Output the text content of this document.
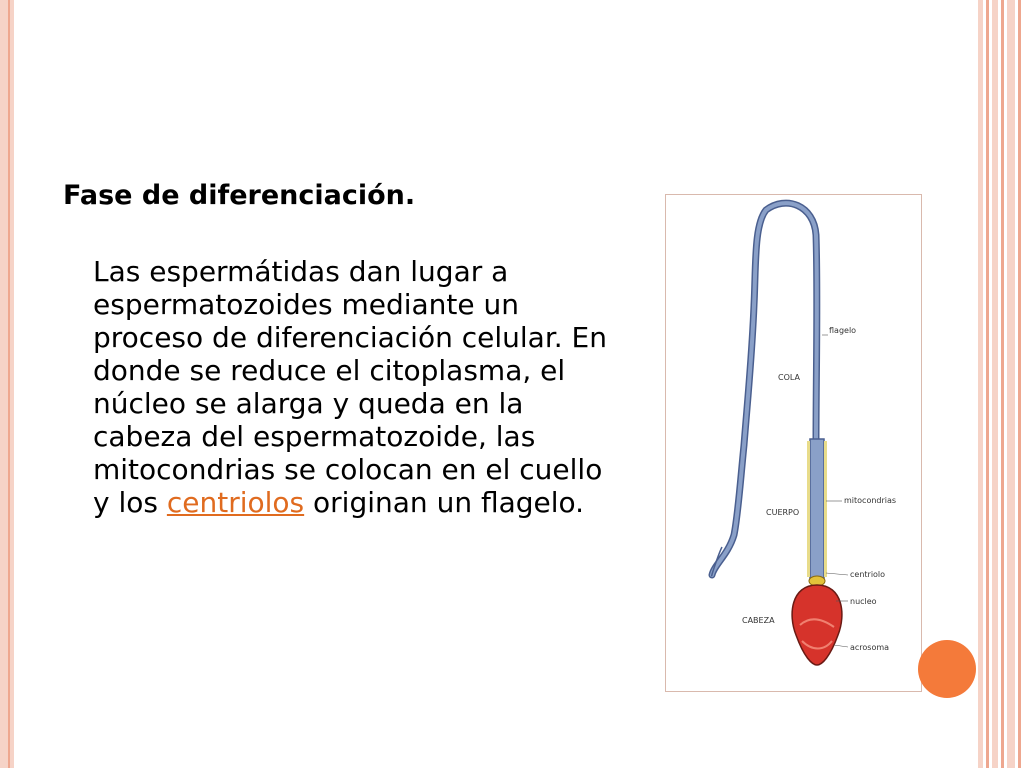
Fase de diferenciación.

Las espermátidas dan lugar a espermatozoides mediante un proceso de diferenciación celular. En donde se reduce el citoplasma, el núcleo se alarga y queda en la cabeza del espermatozoide, las mitocondrias se colocan en el cuello y los centriolos originan un flagelo.

flagelo
COLA
CUERPO
mitocondrias
centriolo
nucleo
CABEZA
acrosoma
